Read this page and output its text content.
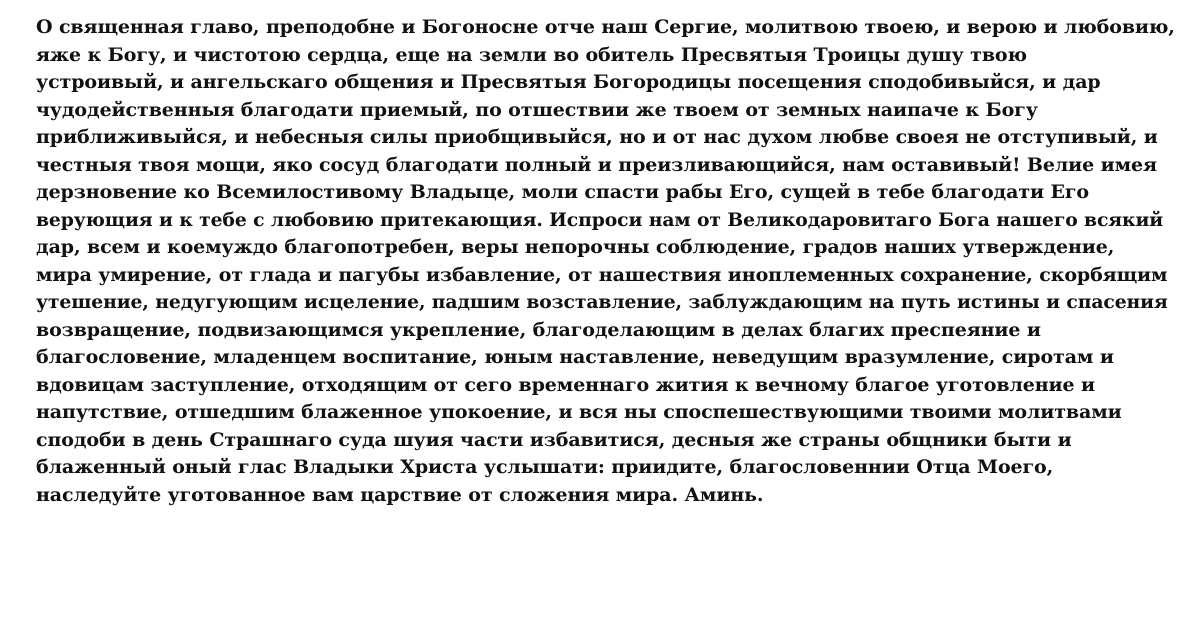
О священная главо, преподобне и Богоносне отче наш Сергие, молитвою твоею, и верою и любовию,
яже к Богу, и чистотою сердца, еще на земли во обитель Пресвятыя Троицы душу твою
устроивый, и ангельскаго общения и Пресвятыя Богородицы посещения сподобивыйся, и дар
чудодейственныя благодати приемый, по отшествии же твоем от земных наипаче к Богу
приближивыйся, и небесныя силы приобщивыйся, но и от нас духом любве своея не отступивый, и
честныя твоя мощи, яко сосуд благодати полный и преизливающийся, нам оставивый! Велие имея
дерзновение ко Всемилостивому Владыце, моли спасти рабы Его, сущей в тебе благодати Его
верующия и к тебе с любовию притекающия. Испроси нам от Великодаровитаго Бога нашего всякий
дар, всем и коемуждо благопотребен, веры непорочны соблюдение, градов наших утверждение,
мира умирение, от глада и пагубы избавление, от нашествия иноплеменных сохранение, скорбящим
утешение, недугующим исцеление, падшим возставление, заблуждающим на путь истины и спасения
возвращение, подвизающимся укрепление, благоделающим в делах благих преспеяние и
благословение, младенцем воспитание, юным наставление, неведущим вразумление, сиротам и
вдовицам заступление, отходящим от сего временнаго жития к вечному благое уготовление и
напутствие, отшедшим блаженное упокоение, и вся ны споспешествующими твоими молитвами
сподоби в день Страшнаго суда шуия части избавитися, десныя же страны общники быти и
блаженный оный глас Владыки Христа услышати: приидите, благословеннии Отца Моего,
наследуйте уготованное вам царствие от сложения мира. Аминь.
